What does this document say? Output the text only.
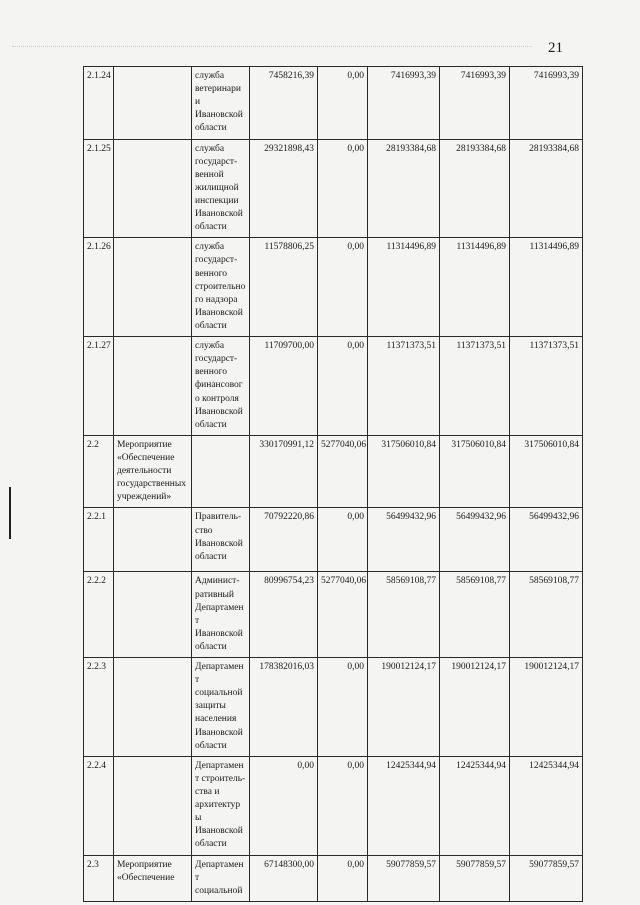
21
2.1.24		служба ветеринарии Ивановской области	7458216,39	0,00	7416993,39	7416993,39	7416993,39
2.1.25		служба государст-венной жилищной инспекции Ивановской области	29321898,43	0,00	28193384,68	28193384,68	28193384,68
2.1.26		служба государст-венного строительного надзора Ивановской области	11578806,25	0,00	11314496,89	11314496,89	11314496,89
2.1.27		служба государст-венного финансового контроля Ивановской области	11709700,00	0,00	11371373,51	11371373,51	11371373,51
2.2	Мероприятие «Обеспечение деятельности государственных учреждений»		330170991,12	5277040,06	317506010,84	317506010,84	317506010,84
2.2.1		Правитель-ство Ивановской области	70792220,86	0,00	56499432,96	56499432,96	56499432,96
2.2.2		Админист-ративный Департамент Ивановской области	80996754,23	5277040,06	58569108,77	58569108,77	58569108,77
2.2.3		Департамент социальной защиты населения Ивановской области	178382016,03	0,00	190012124,17	190012124,17	190012124,17
2.2.4		Департамент строитель-ства и архитектуры Ивановской области	0,00	0,00	12425344,94	12425344,94	12425344,94
2.3	Мероприятие «Обеспечение	Департамент социальной	67148300,00	0,00	59077859,57	59077859,57	59077859,57
